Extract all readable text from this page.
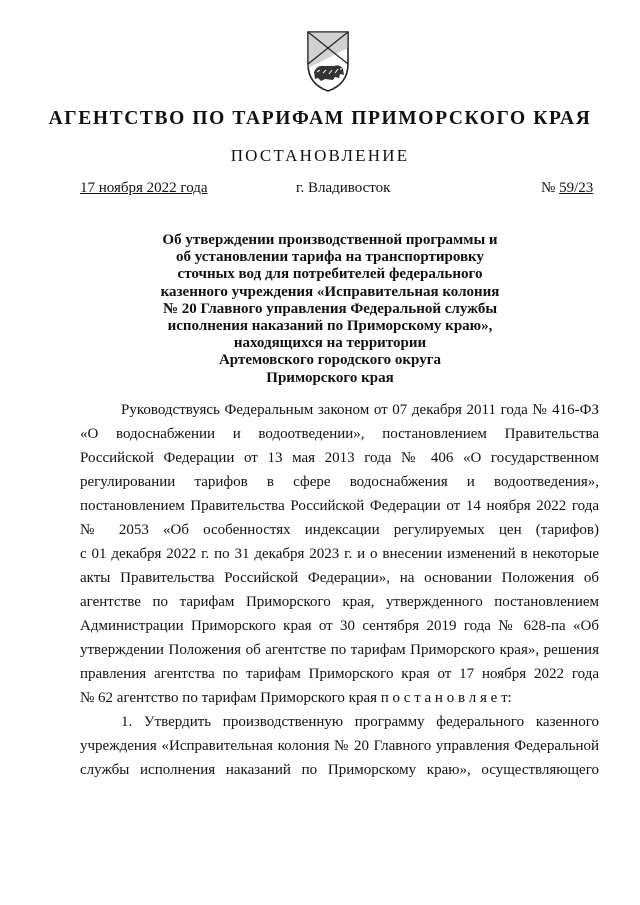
АГЕНТСТВО ПО ТАРИФАМ ПРИМОРСКОГО КРАЯ
ПОСТАНОВЛЕНИЕ
17 ноября 2022 года	г. Владивосток	№ 59/23
Об утверждении производственной программы и
об установлении тарифа на транспортировку
сточных вод для потребителей федерального
казенного учреждения «Исправительная колония
№ 20 Главного управления Федеральной службы
исполнения наказаний по Приморскому краю»,
находящихся на территории
Артемовского городского округа
Приморского края
Руководствуясь Федеральным законом от 07 декабря 2011 года № 416-ФЗ
«О водоснабжении и водоотведении», постановлением Правительства
Российской Федерации от 13 мая 2013 года № 406 «О государственном
регулировании тарифов в сфере водоснабжения и водоотведения»,
постановлением Правительства Российской Федерации от 14 ноября 2022 года
№ 2053 «Об особенностях индексации регулируемых цен (тарифов)
с 01 декабря 2022 г. по 31 декабря 2023 г. и о внесении изменений в некоторые
акты Правительства Российской Федерации», на основании Положения об
агентстве по тарифам Приморского края, утвержденного постановлением
Администрации Приморского края от 30 сентября 2019 года № 628-па «Об
утверждении Положения об агентстве по тарифам Приморского края», решения
правления агентства по тарифам Приморского края от 17 ноября 2022 года
№ 62 агентство по тарифам Приморского края п о с т а н о в л я е т:
1. Утвердить производственную программу федерального казенного
учреждения «Исправительная колония № 20 Главного управления Федеральной
службы исполнения наказаний по Приморскому краю», осуществляющего
